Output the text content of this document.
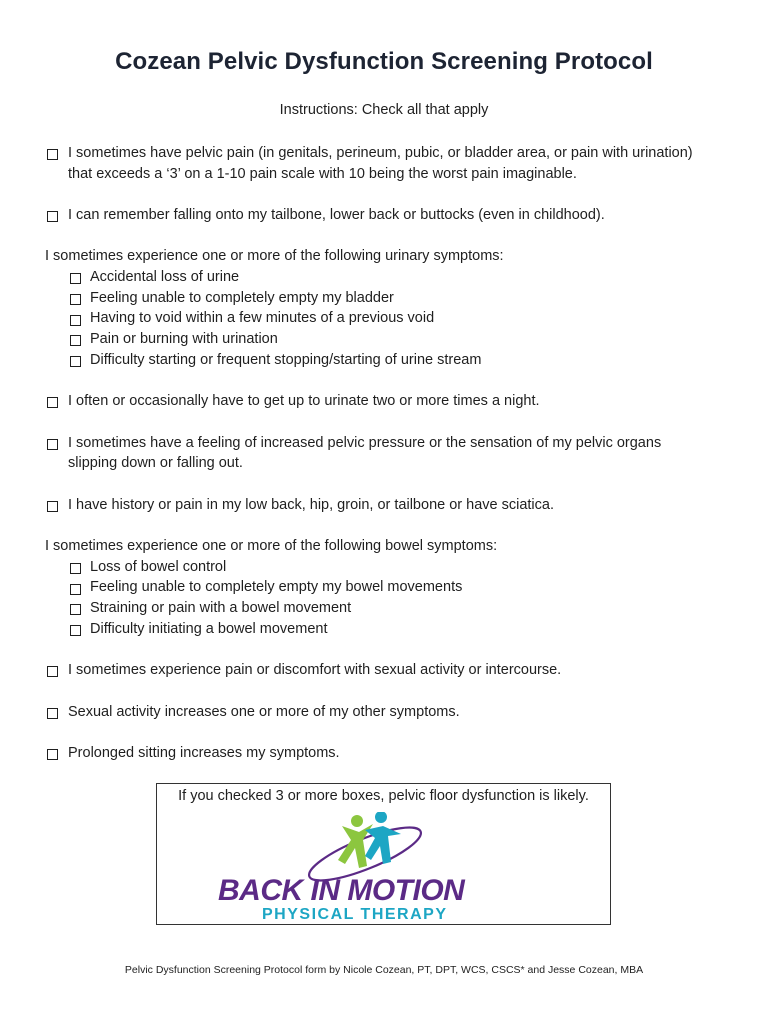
Cozean Pelvic Dysfunction Screening Protocol
Instructions: Check all that apply
I sometimes have pelvic pain (in genitals, perineum, pubic, or bladder area, or pain with urination)
that exceeds a ‘3’ on a 1-10 pain scale with 10 being the worst pain imaginable.
I can remember falling onto my tailbone, lower back or buttocks (even in childhood).
I sometimes experience one or more of the following urinary symptoms:
Accidental loss of urine
Feeling unable to completely empty my bladder
Having to void within a few minutes of a previous void
Pain or burning with urination
Difficulty starting or frequent stopping/starting of urine stream
I often or occasionally have to get up to urinate two or more times a night.
I sometimes have a feeling of increased pelvic pressure or the sensation of my pelvic organs
slipping down or falling out.
I have history or pain in my low back, hip, groin, or tailbone or have sciatica.
I sometimes experience one or more of the following bowel symptoms:
Loss of bowel control
Feeling unable to completely empty my bowel movements
Straining or pain with a bowel movement
Difficulty initiating a bowel movement
I sometimes experience pain or discomfort with sexual activity or intercourse.
Sexual activity increases one or more of my other symptoms.
Prolonged sitting increases my symptoms.
If you checked 3 or more boxes, pelvic floor dysfunction is likely.
BACK IN MOTION
PHYSICAL THERAPY
Pelvic Dysfunction Screening Protocol form by Nicole Cozean, PT, DPT, WCS, CSCS* and Jesse Cozean, MBA
